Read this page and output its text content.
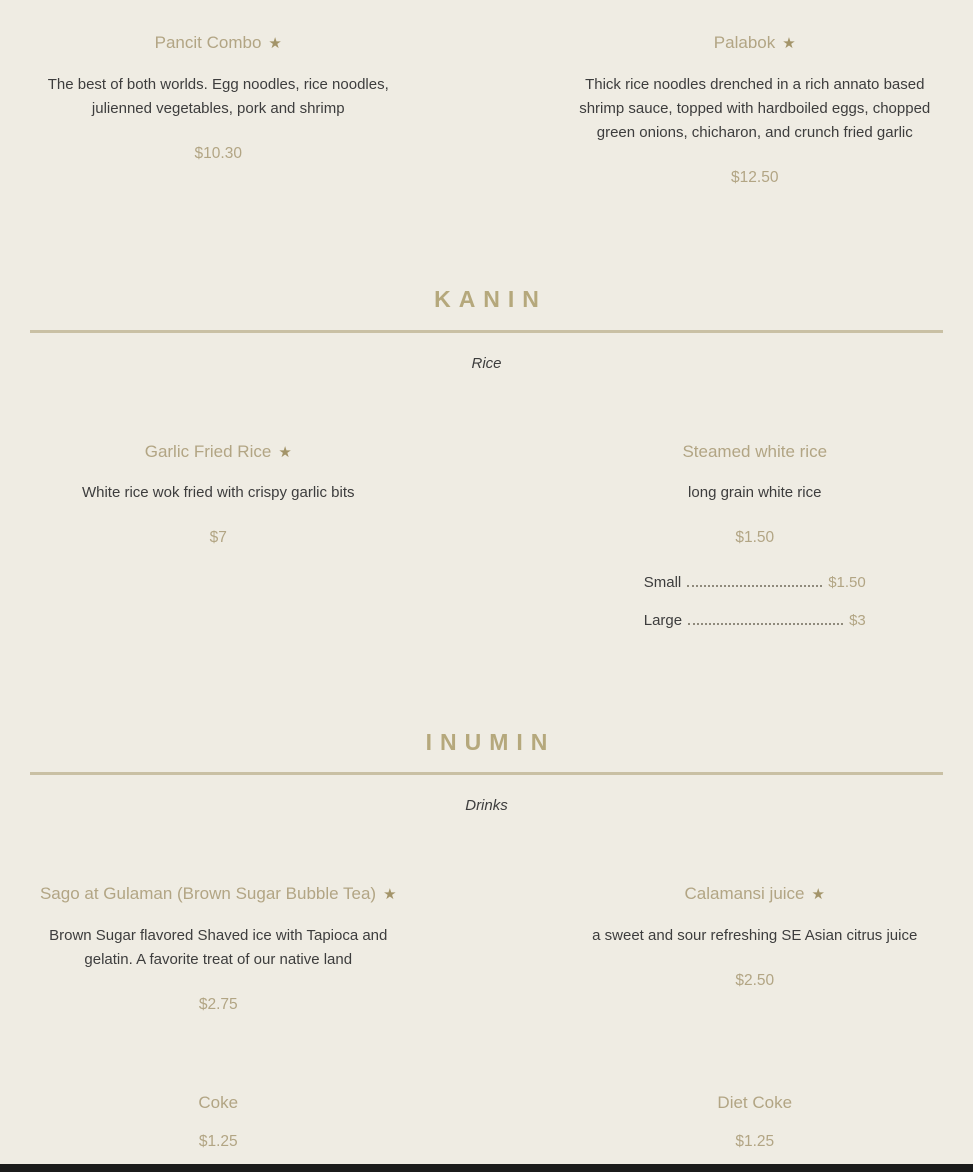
Pancit Combo ★

The best of both worlds. Egg noodles, rice noodles, julienned vegetables, pork and shrimp

$10.30

Palabok ★

Thick rice noodles drenched in a rich annato based shrimp sauce, topped with hardboiled eggs, chopped green onions, chicharon, and crunch fried garlic

$12.50

KANIN

Rice

Garlic Fried Rice ★

White rice wok fried with crispy garlic bits

$7

Steamed white rice

long grain white rice

$1.50

Small	$1.50
Large	$3
INUMIN

Drinks

Sago at Gulaman (Brown Sugar Bubble Tea) ★

Brown Sugar flavored Shaved ice with Tapioca and gelatin. A favorite treat of our native land

$2.75

Calamansi juice ★

a sweet and sour refreshing SE Asian citrus juice

$2.50

Coke

$1.25

Diet Coke

$1.25
